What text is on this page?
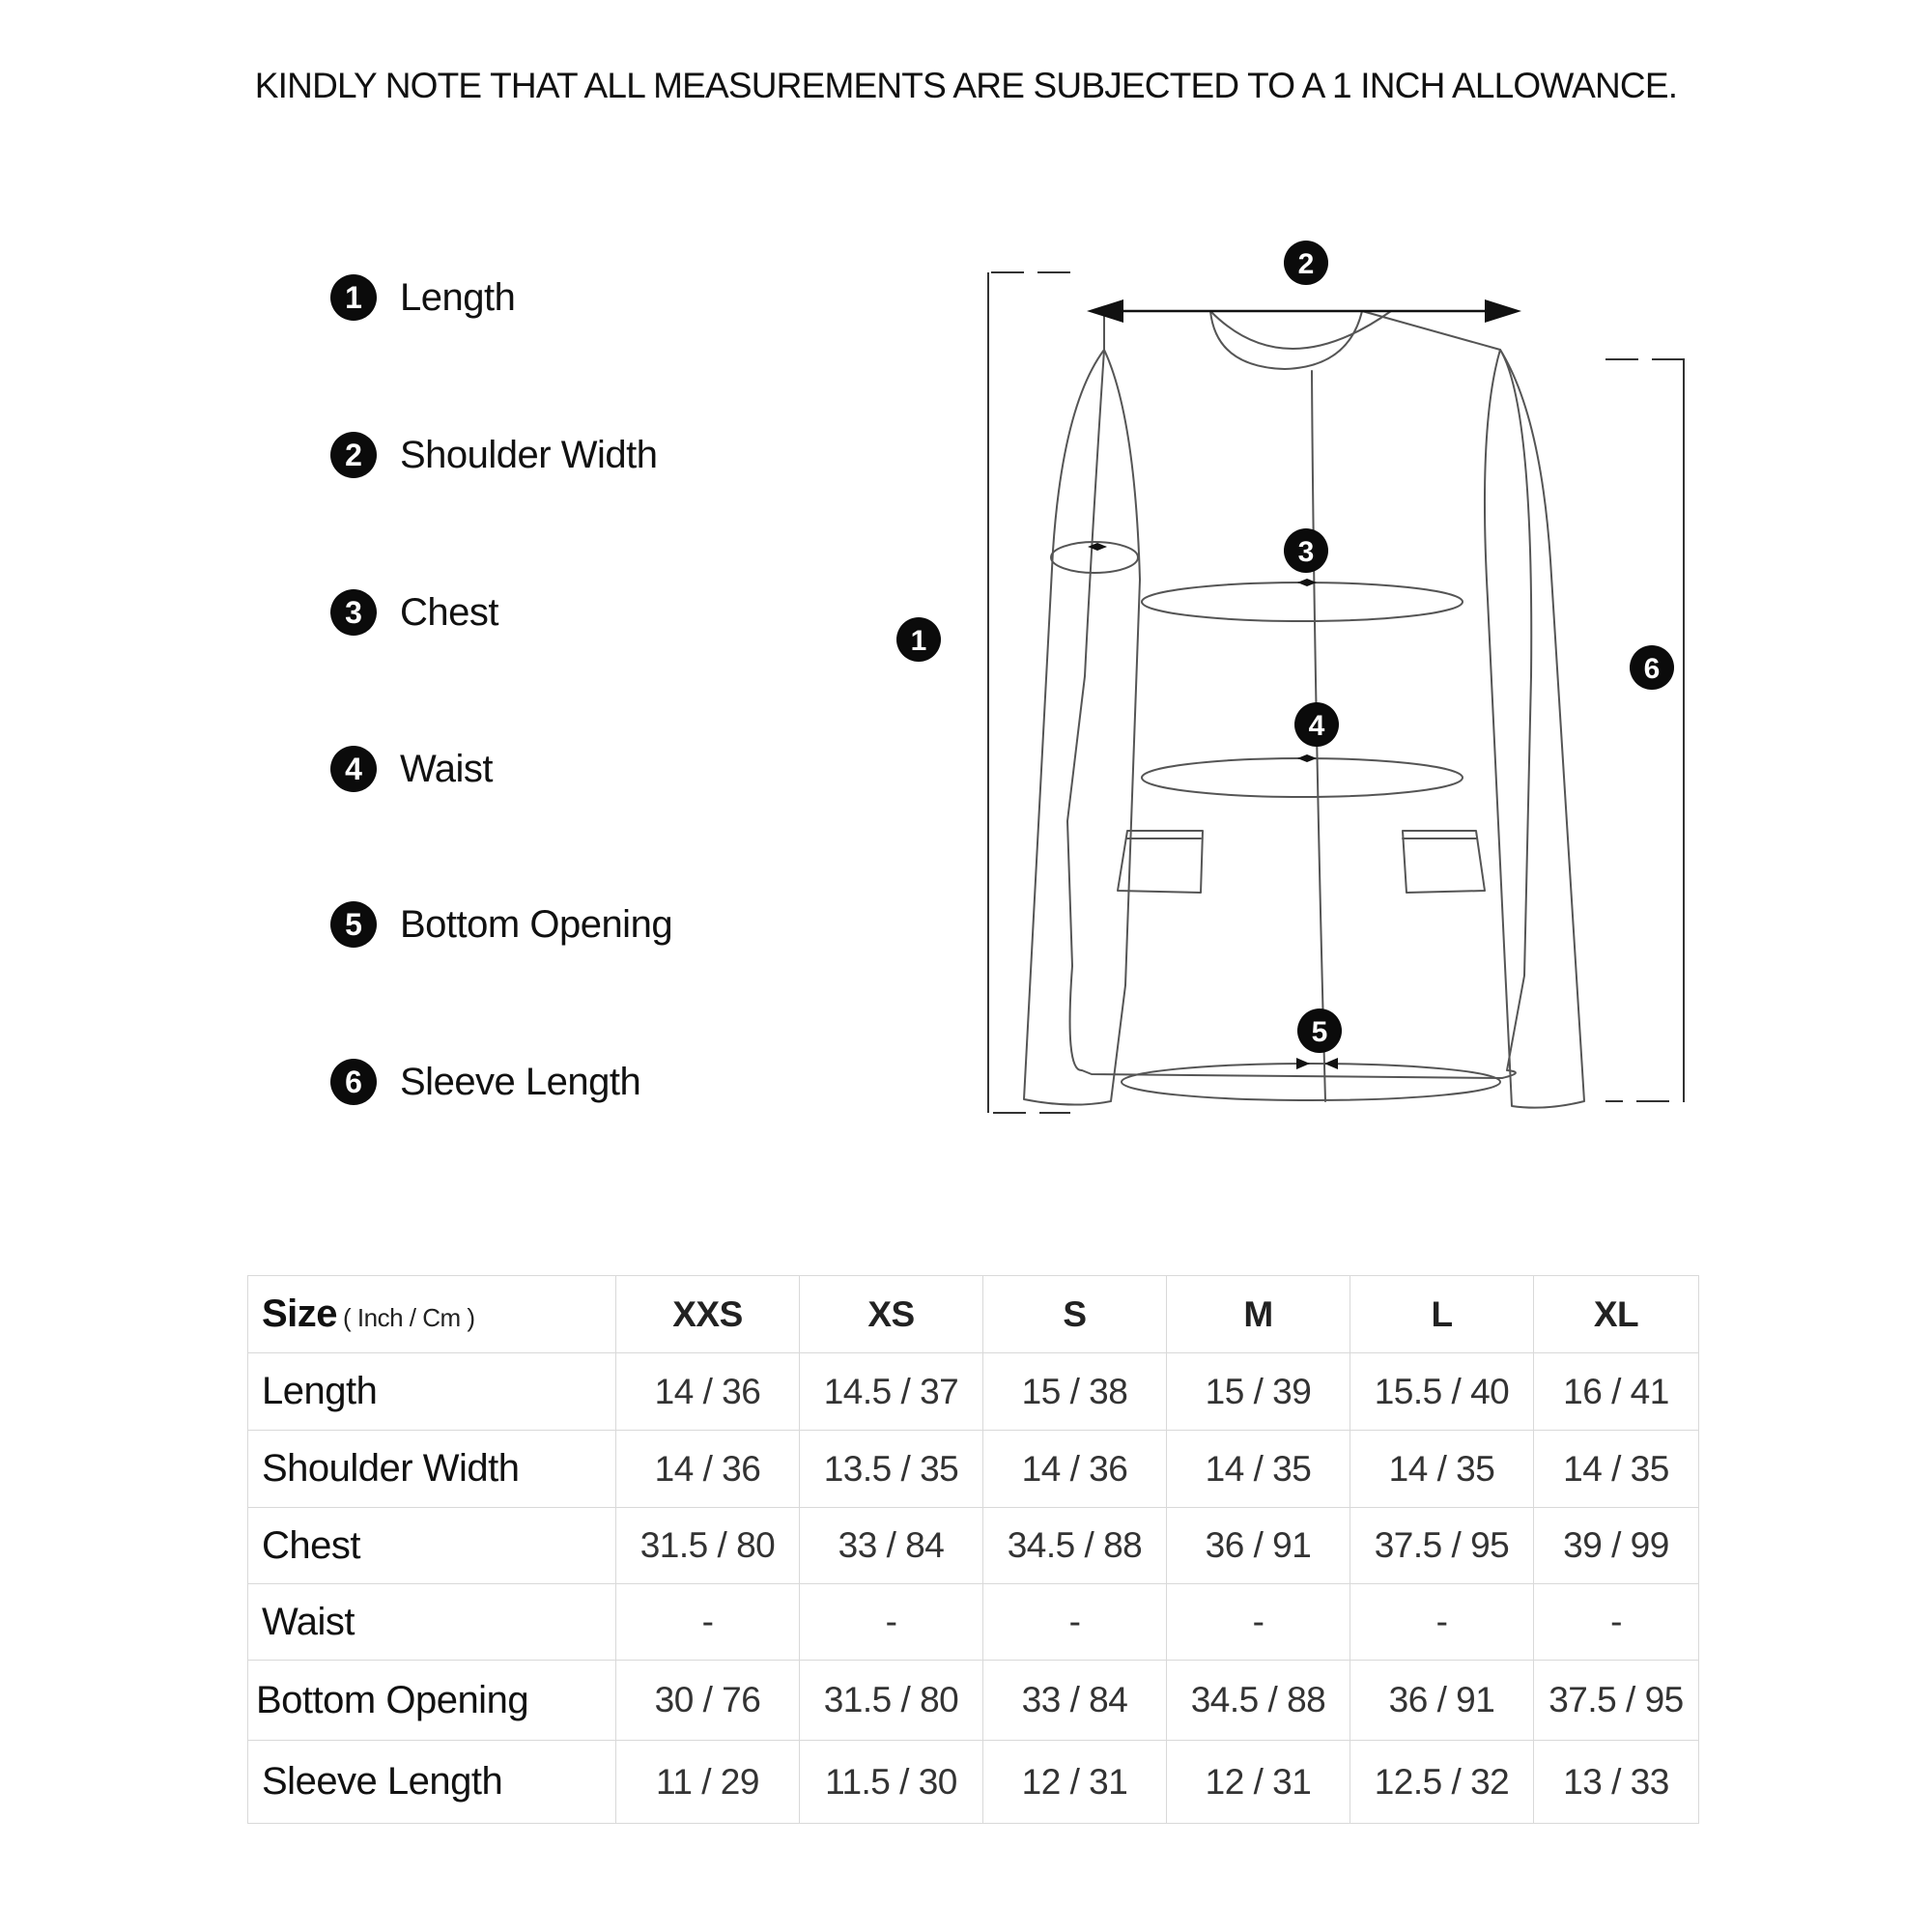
KINDLY NOTE THAT ALL MEASUREMENTS ARE SUBJECTED TO A 1 INCH ALLOWANCE.
1 Length
2 Shoulder Width
3 Chest
4 Waist
5 Bottom Opening
6 Sleeve Length
1
2
3
4
5
6
Size ( Inch / Cm )	XXS	XS	S	M	L	XL
Length	14 / 36	14.5 / 37	15 / 38	15 / 39	15.5 / 40	16 / 41
Shoulder Width	14 / 36	13.5 / 35	14 / 36	14 / 35	14 / 35	14 / 35
Chest	31.5 / 80	33 / 84	34.5 / 88	36 / 91	37.5 / 95	39 / 99
Waist	-	-	-	-	-	-
Bottom Opening	30 / 76	31.5 / 80	33 / 84	34.5 / 88	36 / 91	37.5 / 95
Sleeve Length	11 / 29	11.5 / 30	12 / 31	12 / 31	12.5 / 32	13 / 33
